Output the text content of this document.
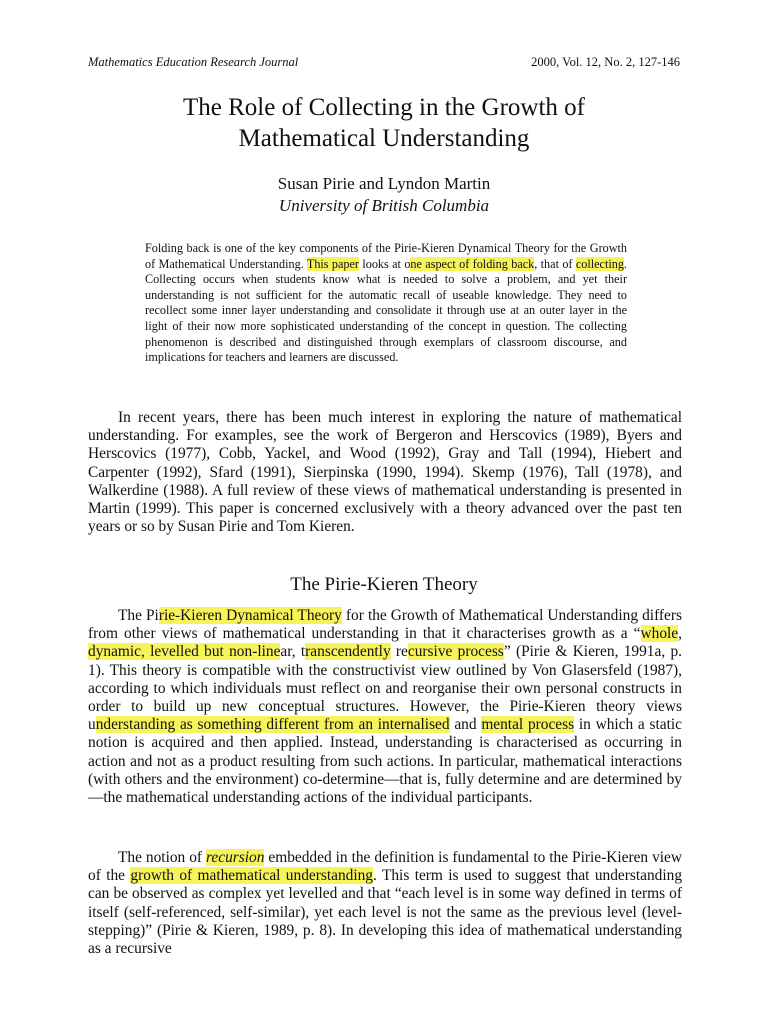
Mathematics Education Research Journal	2000, Vol. 12, No. 2, 127-146
The Role of Collecting in the Growth of
Mathematical Understanding
Susan Pirie and Lyndon Martin
University of British Columbia
Folding back is one of the key components of the Pirie-Kieren Dynamical Theory for the Growth of Mathematical Understanding. This paper looks at one aspect of folding back, that of collecting. Collecting occurs when students know what is needed to solve a problem, and yet their understanding is not sufficient for the automatic recall of useable knowledge. They need to recollect some inner layer understanding and consolidate it through use at an outer layer in the light of their now more sophisticated understanding of the concept in question. The collecting phenomenon is described and distinguished through exemplars of classroom discourse, and implications for teachers and learners are discussed.

In recent years, there has been much interest in exploring the nature of mathematical understanding. For examples, see the work of Bergeron and Herscovics (1989), Byers and Herscovics (1977), Cobb, Yackel, and Wood (1992), Gray and Tall (1994), Hiebert and Carpenter (1992), Sfard (1991), Sierpinska (1990, 1994). Skemp (1976), Tall (1978), and Walkerdine (1988). A full review of these views of mathematical understanding is presented in Martin (1999). This paper is concerned exclusively with a theory advanced over the past ten years or so by Susan Pirie and Tom Kieren.

The Pirie-Kieren Theory

The Pirie-Kieren Dynamical Theory for the Growth of Mathematical Understanding differs from other views of mathematical understanding in that it characterises growth as a “whole, dynamic, levelled but non-linear, transcendently recursive process” (Pirie & Kieren, 1991a, p. 1). This theory is compatible with the constructivist view outlined by Von Glasersfeld (1987), according to which individuals must reflect on and reorganise their own personal constructs in order to build up new conceptual structures. However, the Pirie-Kieren theory views understanding as something different from an internalised and mental process in which a static notion is acquired and then applied. Instead, understanding is characterised as occurring in action and not as a product resulting from such actions. In particular, mathematical interactions (with others and the environment) co-determine—that is, fully determine and are determined by—the mathematical understanding actions of the individual participants.

The notion of recursion embedded in the definition is fundamental to the Pirie-Kieren view of the growth of mathematical understanding. This term is used to suggest that understanding can be observed as complex yet levelled and that “each level is in some way defined in terms of itself (self-referenced, self-similar), yet each level is not the same as the previous level (level-stepping)” (Pirie & Kieren, 1989, p. 8). In developing this idea of mathematical understanding as a recursive
